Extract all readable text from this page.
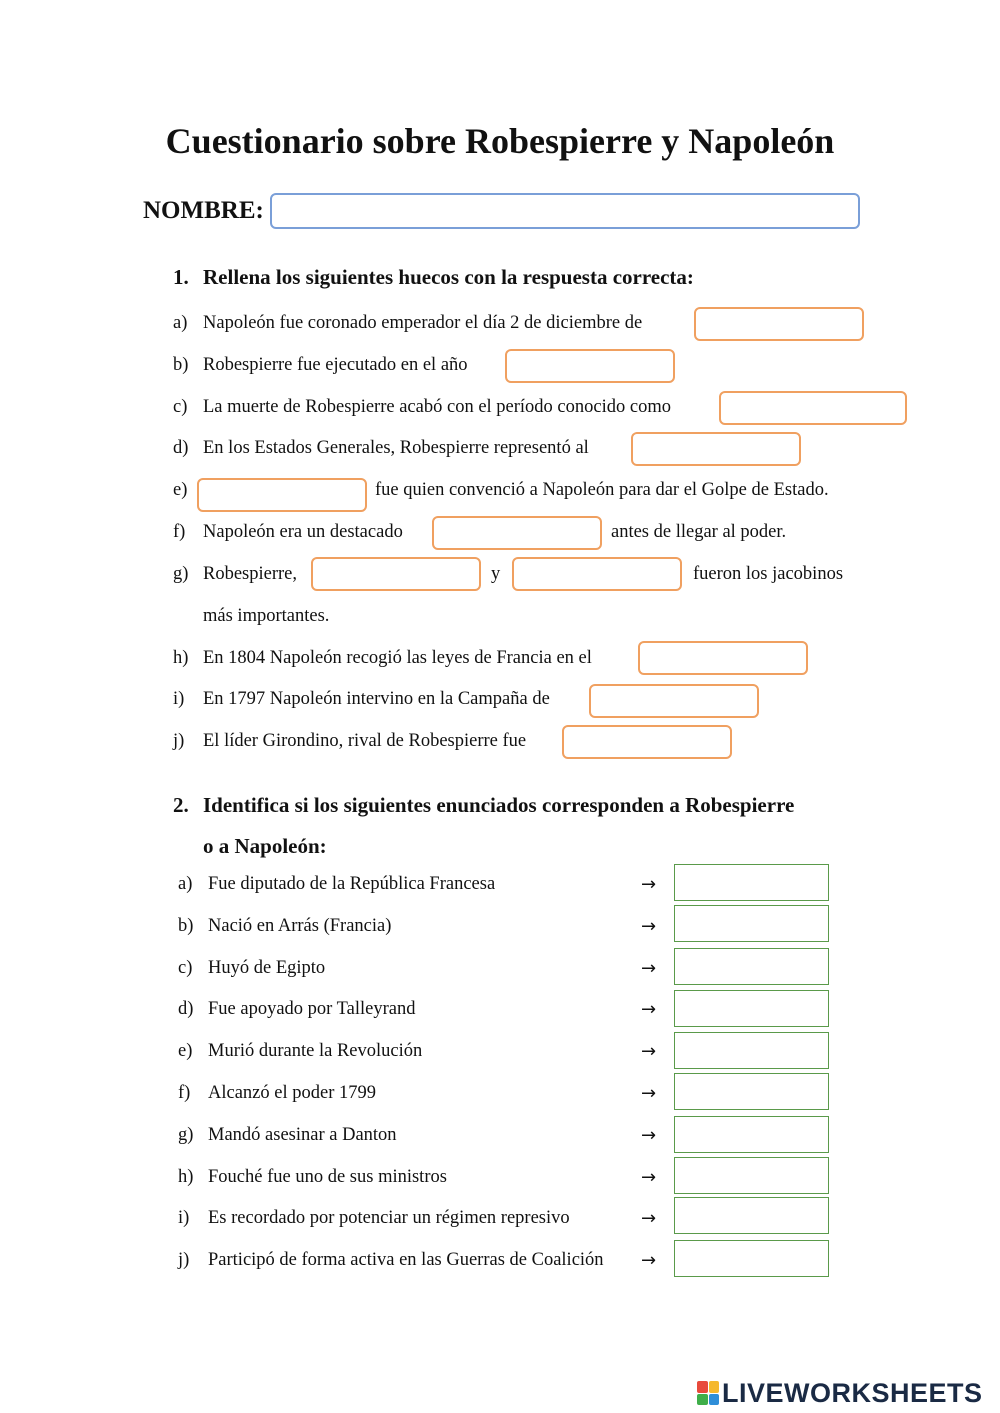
Cuestionario sobre Robespierre y Napoleón
NOMBRE:
1. Rellena los siguientes huecos con la respuesta correcta:
a) Napoleón fue coronado emperador el día 2 de diciembre de
b) Robespierre fue ejecutado en el año
c) La muerte de Robespierre acabó con el período conocido como
d) En los Estados Generales, Robespierre representó al
e)	fue quien convenció a Napoleón para dar el Golpe de Estado.
f) Napoleón era un destacado	antes de llegar al poder.
g) Robespierre,	y	fueron los jacobinos
más importantes.
h) En 1804 Napoleón recogió las leyes de Francia en el
i) En 1797 Napoleón intervino en la Campaña de
j) El líder Girondino, rival de Robespierre fue
2. Identifica si los siguientes enunciados corresponden a Robespierre
o a Napoleón:
a) Fue diputado de la República Francesa	→
b) Nació en Arrás (Francia)	→
c) Huyó de Egipto	→
d) Fue apoyado por Talleyrand	→
e) Murió durante la Revolución	→
f) Alcanzó el poder 1799	→
g) Mandó asesinar a Danton	→
h) Fouché fue uno de sus ministros	→
i) Es recordado por potenciar un régimen represivo	→
j) Participó de forma activa en las Guerras de Coalición →
LIVEWORKSHEETS
